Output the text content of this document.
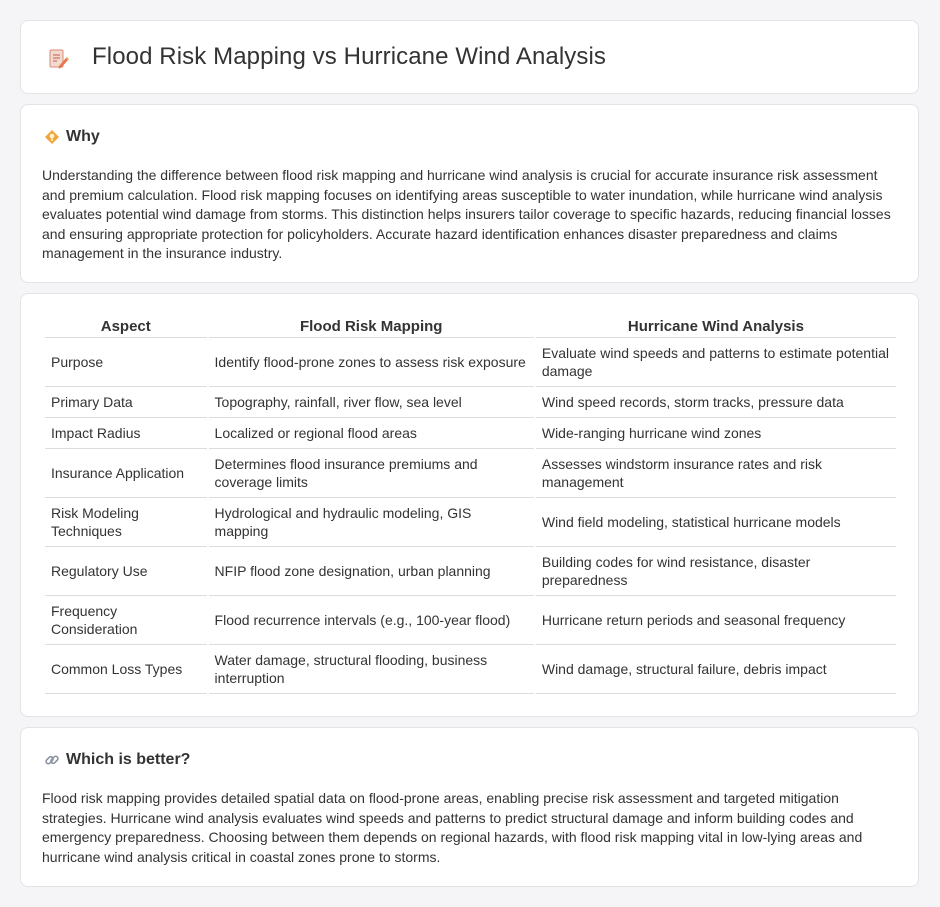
Flood Risk Mapping vs Hurricane Wind Analysis
Why

Understanding the difference between flood risk mapping and hurricane wind analysis is crucial for accurate insurance risk assessment and premium calculation. Flood risk mapping focuses on identifying areas susceptible to water inundation, while hurricane wind analysis evaluates potential wind damage from storms. This distinction helps insurers tailor coverage to specific hazards, reducing financial losses and ensuring appropriate protection for policyholders. Accurate hazard identification enhances disaster preparedness and claims management in the insurance industry.

Aspect	Flood Risk Mapping	Hurricane Wind Analysis
Purpose	Identify flood-prone zones to assess risk exposure	Evaluate wind speeds and patterns to estimate potential damage
Primary Data	Topography, rainfall, river flow, sea level	Wind speed records, storm tracks, pressure data
Impact Radius	Localized or regional flood areas	Wide-ranging hurricane wind zones
Insurance Application	Determines flood insurance premiums and coverage limits	Assesses windstorm insurance rates and risk management
Risk Modeling Techniques	Hydrological and hydraulic modeling, GIS mapping	Wind field modeling, statistical hurricane models
Regulatory Use	NFIP flood zone designation, urban planning	Building codes for wind resistance, disaster preparedness
Frequency Consideration	Flood recurrence intervals (e.g., 100-year flood)	Hurricane return periods and seasonal frequency
Common Loss Types	Water damage, structural flooding, business interruption	Wind damage, structural failure, debris impact
Which is better?

Flood risk mapping provides detailed spatial data on flood-prone areas, enabling precise risk assessment and targeted mitigation strategies. Hurricane wind analysis evaluates wind speeds and patterns to predict structural damage and inform building codes and emergency preparedness. Choosing between them depends on regional hazards, with flood risk mapping vital in low-lying areas and hurricane wind analysis critical in coastal zones prone to storms.
